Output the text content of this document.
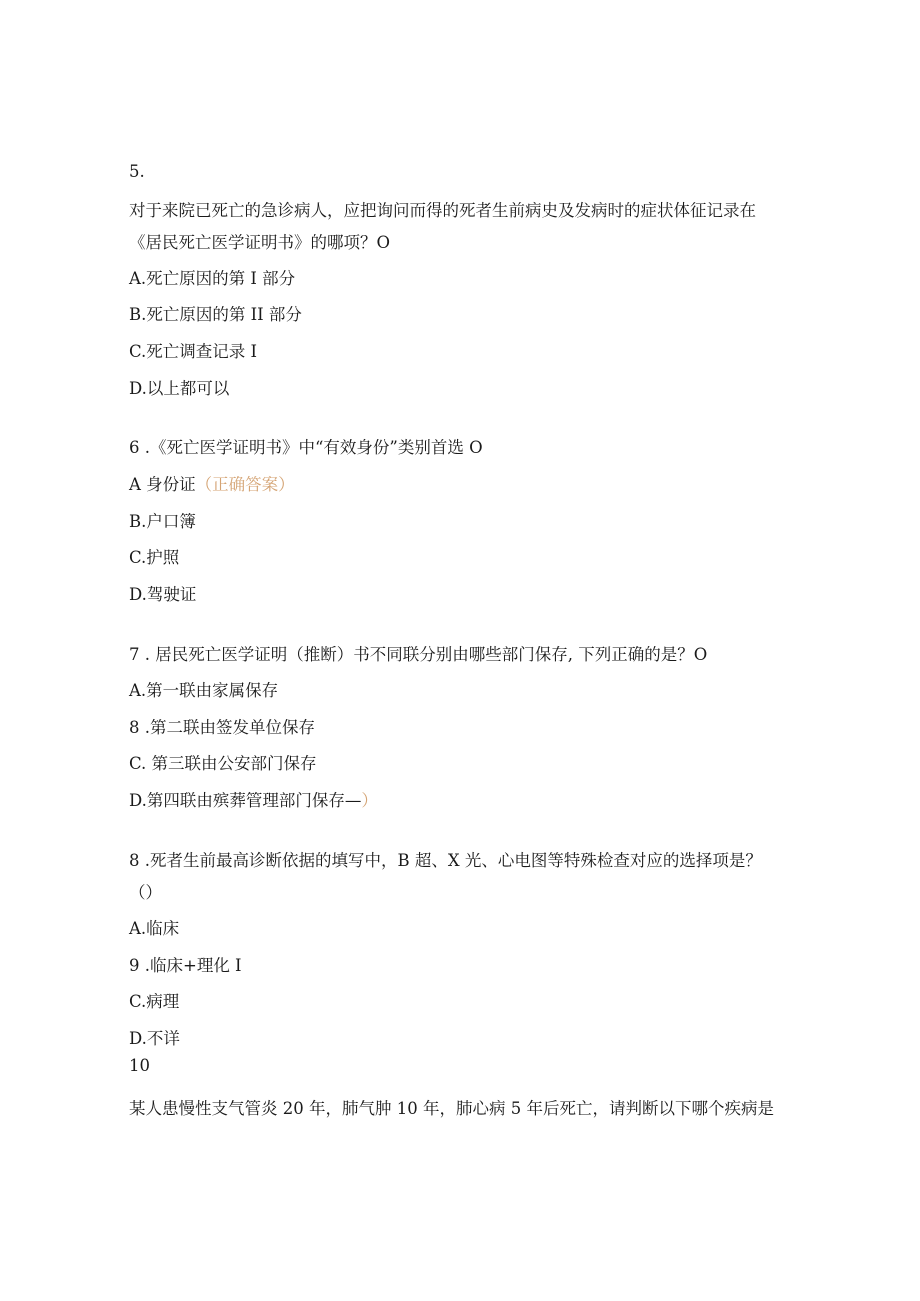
5.
对于来院已死亡的急诊病人，应把询问而得的死者生前病史及发病时的症状体征记录在
《居民死亡医学证明书》的哪项？O
A.死亡原因的第 I 部分
B.死亡原因的第 II 部分
C.死亡调查记录 I
D.以上都可以
6 .《死亡医学证明书》中“有效身份”类别首选 O
A 身份证（正确答案）
B.户口簿
C.护照
D.驾驶证
7 . 居民死亡医学证明（推断）书不同联分别由哪些部门保存, 下列正确的是？O
A.第一联由家属保存
8 .第二联由签发单位保存
C. 第三联由公安部门保存
D.第四联由殡葬管理部门保存—）
8 .死者生前最高诊断依据的填写中，B 超、X 光、心电图等特殊检查对应的选择项是？
（）
A.临床
9 .临床+理化 I
C.病理
D.不详
10
某人患慢性支气管炎 20 年，肺气肿 10 年，肺心病 5 年后死亡，请判断以下哪个疾病是
